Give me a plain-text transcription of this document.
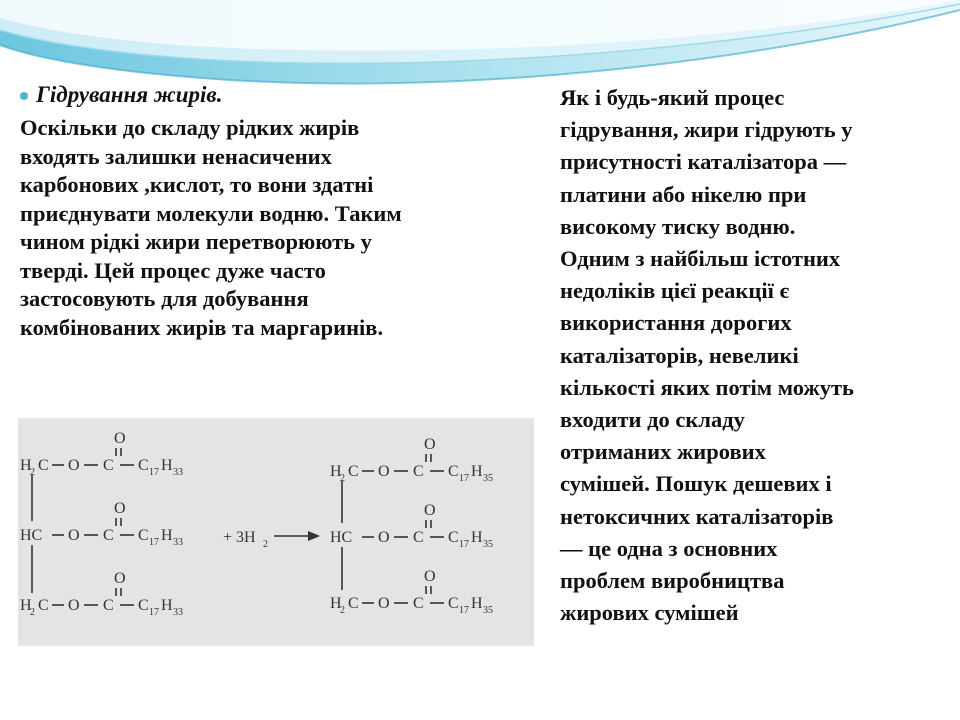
Гідрування жирів.

Оскільки до складу рідких жирів
входять залишки ненасичених
карбонових ,кислот, то вони здатні
приєднувати молекули водню. Таким
чином рідкі жири перетворюють у
тверді. Цей процес дуже часто
застосовують для добування
комбінованих жирів та маргаринів.

Як і будь-який процес
гідрування, жири гідрують у
присутності каталізатора —
платини або нікелю при
високому тиску водню.
Одним з найбільш істотних
недоліків цієї реакції є
використання дорогих
каталізаторів, невеликі
кількості яких потім можуть
входити до складу
отриманих жирових
сумішей. Пошук дешевих і
нетоксичних каталізаторів
— це одна з основних
проблем виробництва
жирових сумішей

H
2 C O C
O
C 17 H 33
HC O C
O
C 17 H 33
H
2 C O C
O
C 17 H 33
+ 3H 2
H
2 C O C
O
C 17 H 35
HC O C
O
C 17 H 35
H
2 C O C
O
C 17 H 35
